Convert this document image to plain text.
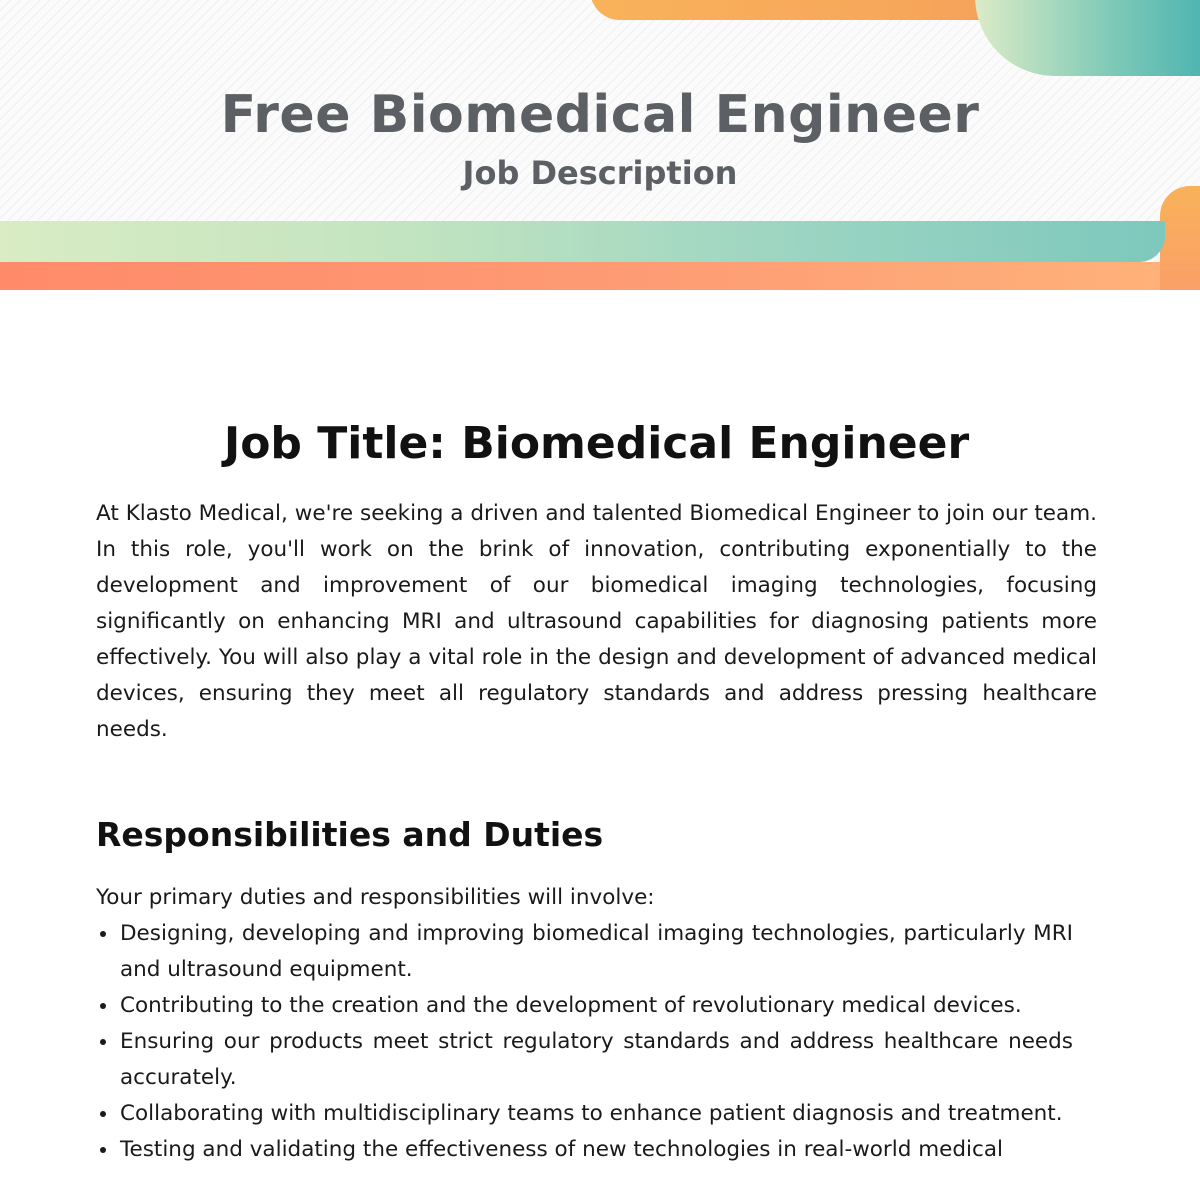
Free Biomedical Engineer
Job Description
Job Title: Biomedical Engineer

At Klasto Medical, we're seeking a driven and talented Biomedical Engineer to join our team. In this role, you'll work on the brink of innovation, contributing exponentially to the development and improvement of our biomedical imaging technologies, focusing significantly on enhancing MRI and ultrasound capabilities for diagnosing patients more effectively. You will also play a vital role in the design and development of advanced medical devices, ensuring they meet all regulatory standards and address pressing healthcare needs.

Responsibilities and Duties

Your primary duties and responsibilities will involve:

Designing, developing and improving biomedical imaging technologies, particularly MRI and ultrasound equipment.
Contributing to the creation and the development of revolutionary medical devices.
Ensuring our products meet strict regulatory standards and address healthcare needs accurately.
Collaborating with multidisciplinary teams to enhance patient diagnosis and treatment.
Testing and validating the effectiveness of new technologies in real-world medical
